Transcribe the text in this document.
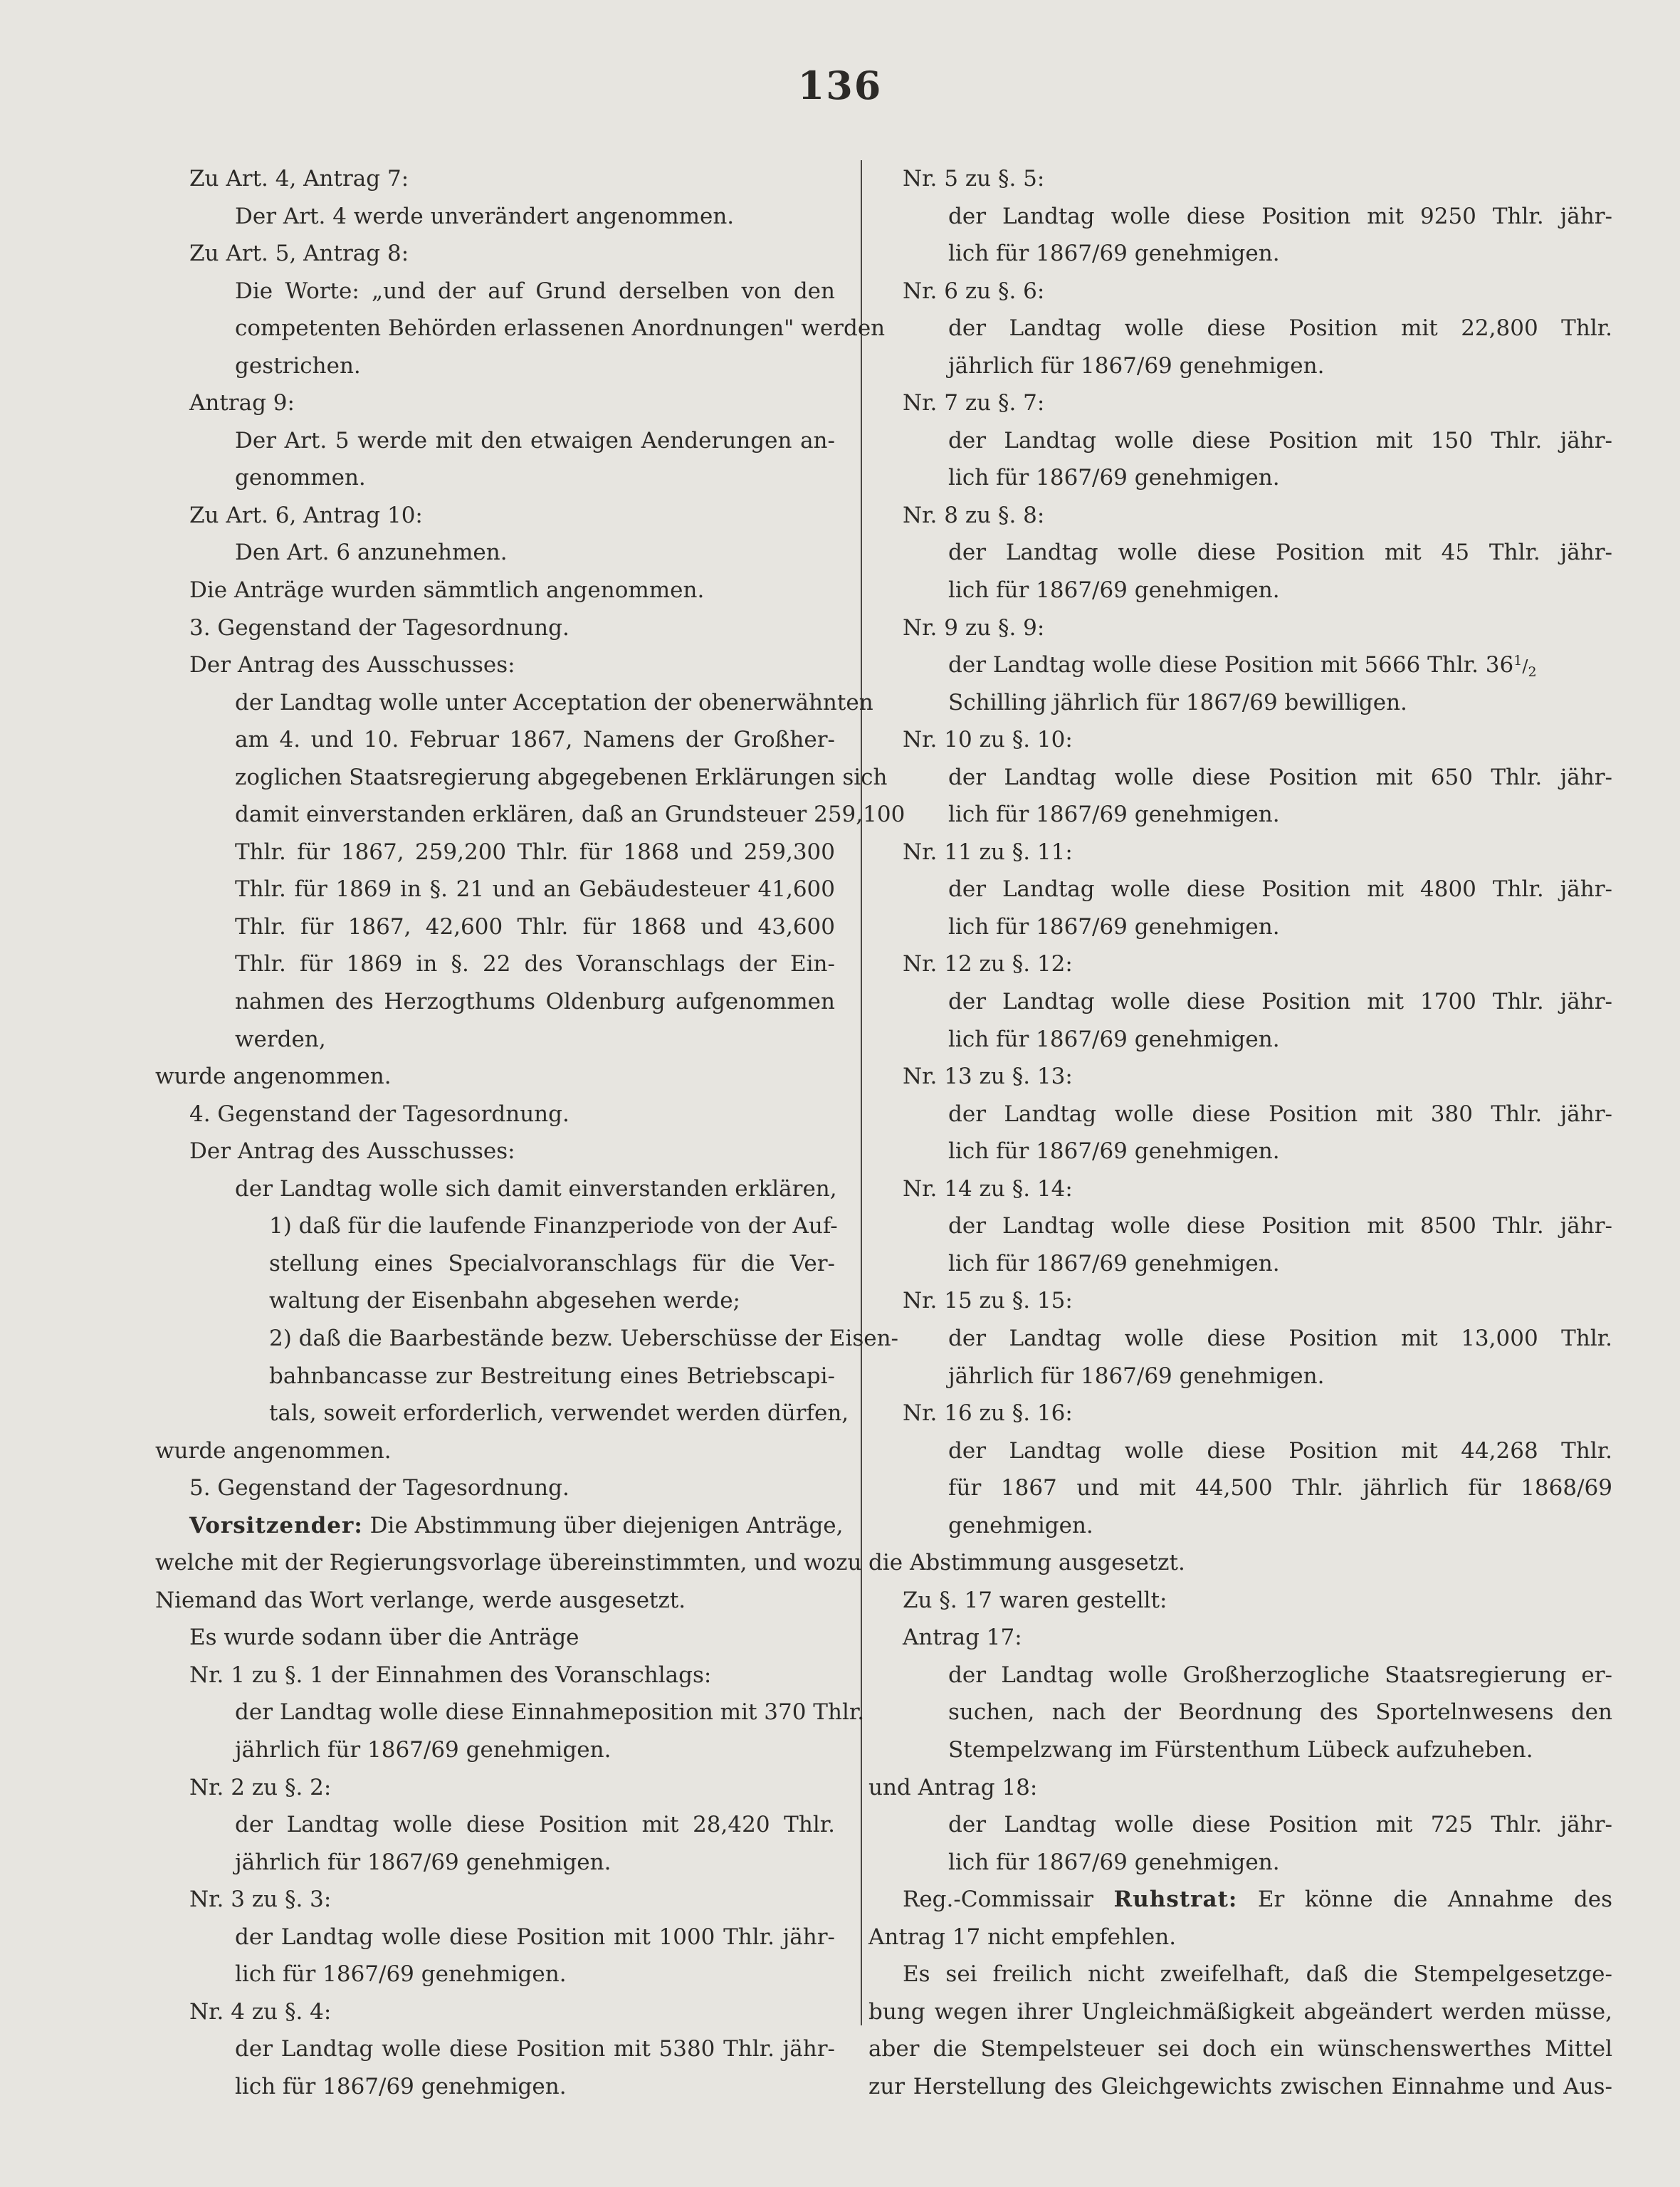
136
Zu Art. 4, Antrag 7:
Der Art. 4 werde unverändert angenommen.
Zu Art. 5, Antrag 8:
Die Worte: „und der auf Grund derselben von den
competenten Behörden erlassenen Anordnungen" werden
gestrichen.
Antrag 9:
Der Art. 5 werde mit den etwaigen Aenderungen an-
genommen.
Zu Art. 6, Antrag 10:
Den Art. 6 anzunehmen.
Die Anträge wurden sämmtlich angenommen.
3. Gegenstand der Tagesordnung.
Der Antrag des Ausschusses:
der Landtag wolle unter Acceptation der obenerwähnten
am 4. und 10. Februar 1867, Namens der Großher-
zoglichen Staatsregierung abgegebenen Erklärungen sich
damit einverstanden erklären, daß an Grundsteuer 259,100
Thlr. für 1867, 259,200 Thlr. für 1868 und 259,300
Thlr. für 1869 in §. 21 und an Gebäudesteuer 41,600
Thlr. für 1867, 42,600 Thlr. für 1868 und 43,600
Thlr. für 1869 in §. 22 des Voranschlags der Ein-
nahmen des Herzogthums Oldenburg aufgenommen
werden,
wurde angenommen.
4. Gegenstand der Tagesordnung.
Der Antrag des Ausschusses:
der Landtag wolle sich damit einverstanden erklären,
1) daß für die laufende Finanzperiode von der Auf-
stellung eines Specialvoranschlags für die Ver-
waltung der Eisenbahn abgesehen werde;
2) daß die Baarbestände bezw. Ueberschüsse der Eisen-
bahnbancasse zur Bestreitung eines Betriebscapi-
tals, soweit erforderlich, verwendet werden dürfen,
wurde angenommen.
5. Gegenstand der Tagesordnung.
Vorsitzender: Die Abstimmung über diejenigen Anträge,
welche mit der Regierungsvorlage übereinstimmten, und wozu
Niemand das Wort verlange, werde ausgesetzt.
Es wurde sodann über die Anträge
Nr. 1 zu §. 1 der Einnahmen des Voranschlags:
der Landtag wolle diese Einnahmeposition mit 370 Thlr.
jährlich für 1867/69 genehmigen.
Nr. 2 zu §. 2:
der Landtag wolle diese Position mit 28,420 Thlr.
jährlich für 1867/69 genehmigen.
Nr. 3 zu §. 3:
der Landtag wolle diese Position mit 1000 Thlr. jähr-
lich für 1867/69 genehmigen.
Nr. 4 zu §. 4:
der Landtag wolle diese Position mit 5380 Thlr. jähr-
lich für 1867/69 genehmigen.
Nr. 5 zu §. 5:
der Landtag wolle diese Position mit 9250 Thlr. jähr-
lich für 1867/69 genehmigen.
Nr. 6 zu §. 6:
der Landtag wolle diese Position mit 22,800 Thlr.
jährlich für 1867/69 genehmigen.
Nr. 7 zu §. 7:
der Landtag wolle diese Position mit 150 Thlr. jähr-
lich für 1867/69 genehmigen.
Nr. 8 zu §. 8:
der Landtag wolle diese Position mit 45 Thlr. jähr-
lich für 1867/69 genehmigen.
Nr. 9 zu §. 9:
der Landtag wolle diese Position mit 5666 Thlr. $36^1/_2$
Schilling jährlich für 1867/69 bewilligen.
Nr. 10 zu §. 10:
der Landtag wolle diese Position mit 650 Thlr. jähr-
lich für 1867/69 genehmigen.
Nr. 11 zu §. 11:
der Landtag wolle diese Position mit 4800 Thlr. jähr-
lich für 1867/69 genehmigen.
Nr. 12 zu §. 12:
der Landtag wolle diese Position mit 1700 Thlr. jähr-
lich für 1867/69 genehmigen.
Nr. 13 zu §. 13:
der Landtag wolle diese Position mit 380 Thlr. jähr-
lich für 1867/69 genehmigen.
Nr. 14 zu §. 14:
der Landtag wolle diese Position mit 8500 Thlr. jähr-
lich für 1867/69 genehmigen.
Nr. 15 zu §. 15:
der Landtag wolle diese Position mit 13,000 Thlr.
jährlich für 1867/69 genehmigen.
Nr. 16 zu §. 16:
der Landtag wolle diese Position mit 44,268 Thlr.
für 1867 und mit 44,500 Thlr. jährlich für 1868/69
genehmigen.
die Abstimmung ausgesetzt.
Zu §. 17 waren gestellt:
Antrag 17:
der Landtag wolle Großherzogliche Staatsregierung er-
suchen, nach der Beordnung des Sportelnwesens den
Stempelzwang im Fürstenthum Lübeck aufzuheben.
und Antrag 18:
der Landtag wolle diese Position mit 725 Thlr. jähr-
lich für 1867/69 genehmigen.
Reg.-Commissair Ruhstrat: Er könne die Annahme des
Antrag 17 nicht empfehlen.
Es sei freilich nicht zweifelhaft, daß die Stempelgesetzge-
bung wegen ihrer Ungleichmäßigkeit abgeändert werden müsse,
aber die Stempelsteuer sei doch ein wünschenswerthes Mittel
zur Herstellung des Gleichgewichts zwischen Einnahme und Aus-
